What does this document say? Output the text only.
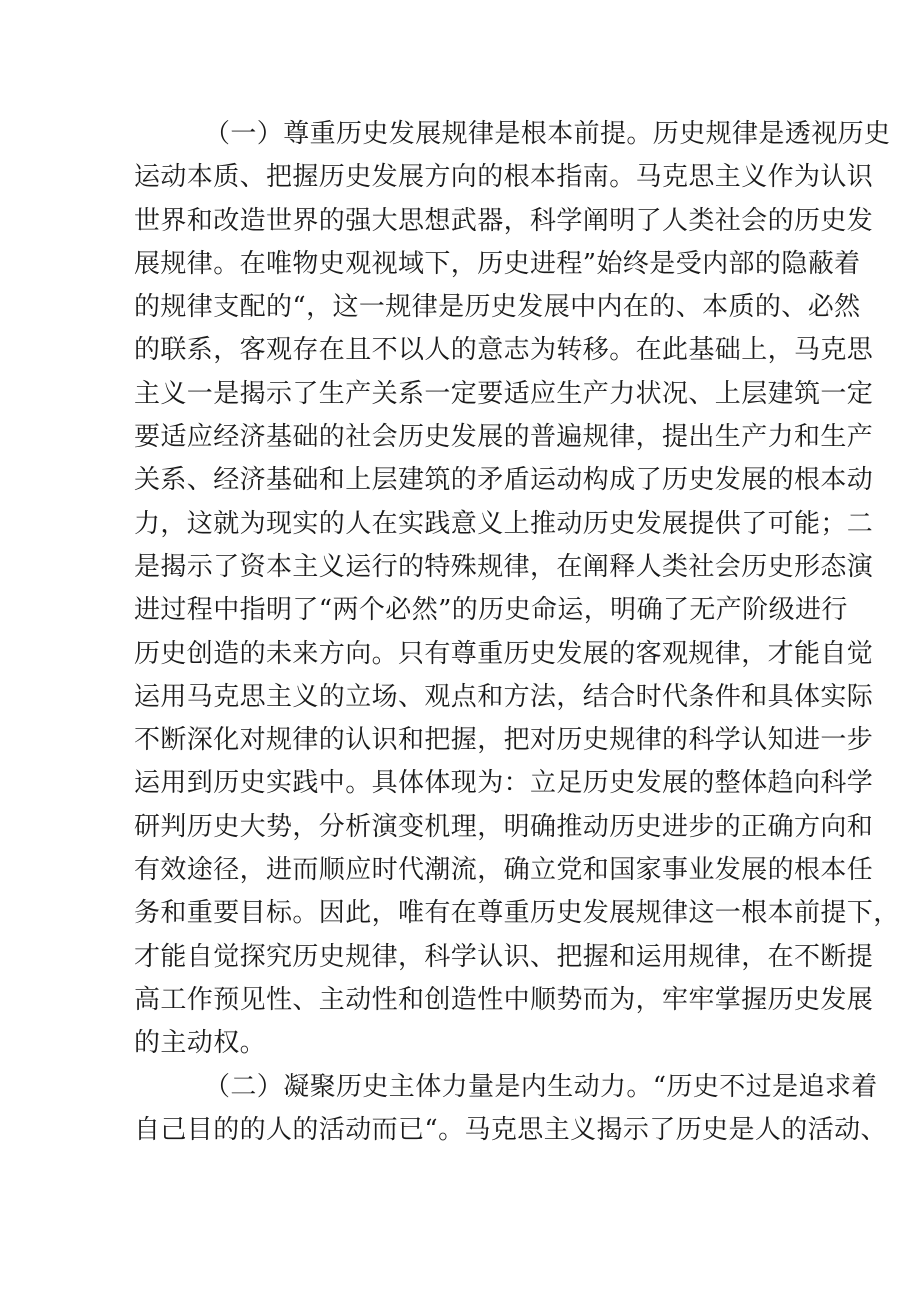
（一）尊重历史发展规律是根本前提。历史规律是透视历史
运动本质、把握历史发展方向的根本指南。马克思主义作为认识
世界和改造世界的强大思想武器，科学阐明了人类社会的历史发
展规律。在唯物史观视域下，历史进程”始终是受内部的隐蔽着
的规律支配的“，这一规律是历史发展中内在的、本质的、必然
的联系，客观存在且不以人的意志为转移。在此基础上，马克思
主义一是揭示了生产关系一定要适应生产力状况、上层建筑一定
要适应经济基础的社会历史发展的普遍规律，提出生产力和生产
关系、经济基础和上层建筑的矛盾运动构成了历史发展的根本动
力，这就为现实的人在实践意义上推动历史发展提供了可能；二
是揭示了资本主义运行的特殊规律，在阐释人类社会历史形态演
进过程中指明了“两个必然”的历史命运，明确了无产阶级进行
历史创造的未来方向。只有尊重历史发展的客观规律，才能自觉
运用马克思主义的立场、观点和方法，结合时代条件和具体实际
不断深化对规律的认识和把握，把对历史规律的科学认知进一步
运用到历史实践中。具体体现为：立足历史发展的整体趋向科学
研判历史大势，分析演变机理，明确推动历史进步的正确方向和
有效途径，进而顺应时代潮流，确立党和国家事业发展的根本任
务和重要目标。因此，唯有在尊重历史发展规律这一根本前提下，
才能自觉探究历史规律，科学认识、把握和运用规律，在不断提
高工作预见性、主动性和创造性中顺势而为，牢牢掌握历史发展
的主动权。
（二）凝聚历史主体力量是内生动力。“历史不过是追求着
自己目的的人的活动而已“。马克思主义揭示了历史是人的活动、
